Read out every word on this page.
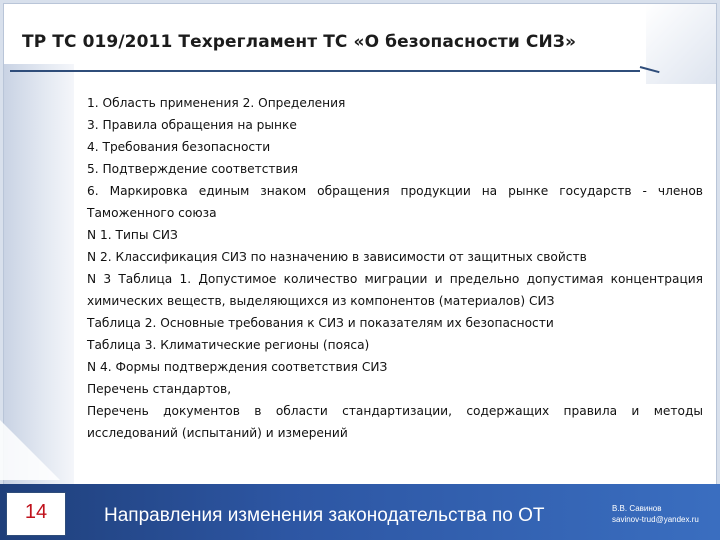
ТР ТС 019/2011 Техрегламент ТС «О безопасности СИЗ»
1. Область применения 2. Определения
3. Правила обращения на рынке
4. Требования безопасности
5. Подтверждение соответствия
6. Маркировка единым знаком обращения продукции на рынке государств - членов Таможенного союза
N 1. Типы СИЗ
N 2. Классификация СИЗ по назначению в зависимости от защитных свойств
N 3 Таблица 1. Допустимое количество миграции и предельно допустимая концентрация химических веществ, выделяющихся из компонентов (материалов) СИЗ
Таблица 2. Основные требования к СИЗ и показателям их безопасности
Таблица 3. Климатические регионы (пояса)
N 4. Формы подтверждения соответствия СИЗ
Перечень стандартов,
Перечень документов в области стандартизации, содержащих правила и методы исследований (испытаний) и измерений
14	Направления изменения законодательства по ОТ	В.В. Савинов
savinov-trud@yandex.ru
